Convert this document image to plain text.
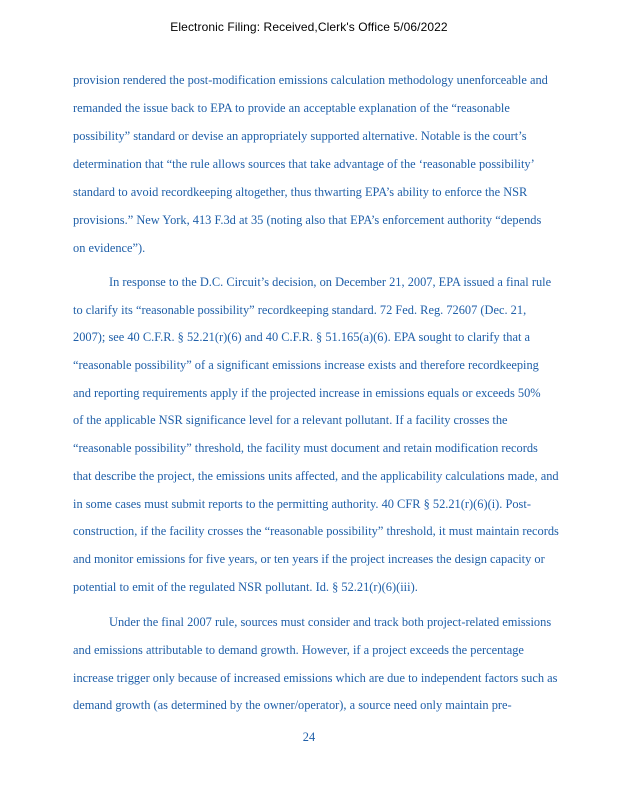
Electronic Filing: Received,Clerk's Office 5/06/2022
provision rendered the post-modification emissions calculation methodology unenforceable and
remanded the issue back to EPA to provide an acceptable explanation of the “reasonable
possibility” standard or devise an appropriately supported alternative. Notable is the court’s
determination that “the rule allows sources that take advantage of the ‘reasonable possibility’
standard to avoid recordkeeping altogether, thus thwarting EPA’s ability to enforce the NSR
provisions.” New York, 413 F.3d at 35 (noting also that EPA’s enforcement authority “depends
on evidence”).
In response to the D.C. Circuit’s decision, on December 21, 2007, EPA issued a final rule
to clarify its “reasonable possibility” recordkeeping standard. 72 Fed. Reg. 72607 (Dec. 21,
2007); see 40 C.F.R. § 52.21(r)(6) and 40 C.F.R. § 51.165(a)(6). EPA sought to clarify that a
“reasonable possibility” of a significant emissions increase exists and therefore recordkeeping
and reporting requirements apply if the projected increase in emissions equals or exceeds 50%
of the applicable NSR significance level for a relevant pollutant. If a facility crosses the
“reasonable possibility” threshold, the facility must document and retain modification records
that describe the project, the emissions units affected, and the applicability calculations made, and
in some cases must submit reports to the permitting authority. 40 CFR § 52.21(r)(6)(i). Post-
construction, if the facility crosses the “reasonable possibility” threshold, it must maintain records
and monitor emissions for five years, or ten years if the project increases the design capacity or
potential to emit of the regulated NSR pollutant. Id. § 52.21(r)(6)(iii).
Under the final 2007 rule, sources must consider and track both project-related emissions
and emissions attributable to demand growth. However, if a project exceeds the percentage
increase trigger only because of increased emissions which are due to independent factors such as
demand growth (as determined by the owner/operator), a source need only maintain pre-
24
